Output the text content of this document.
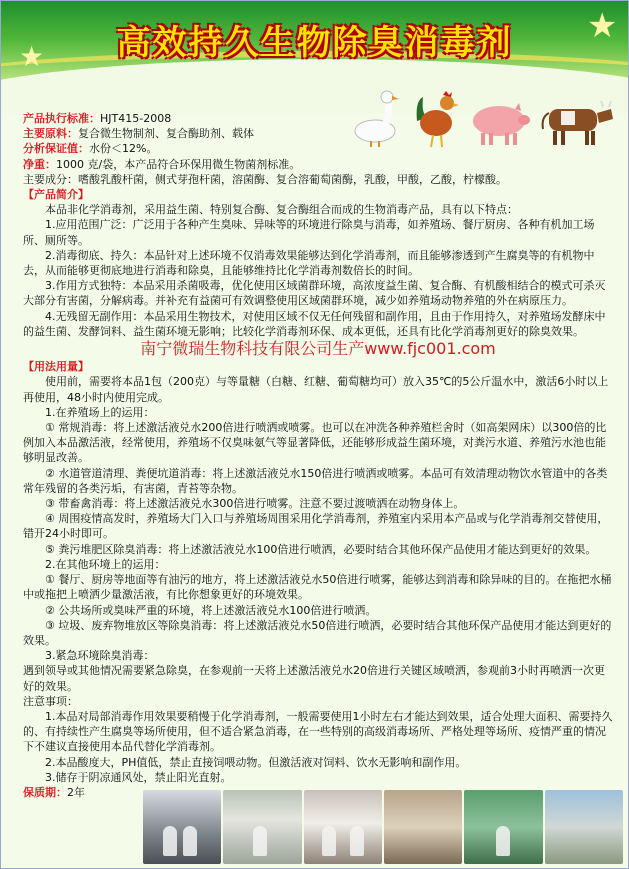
★
★
高效持久生物除臭消毒剂

产品执行标准：HJT415-2008

主要原料：复合微生物制剂、复合酶助剂、载体

分析保证值：水份＜12%。

净重：1000 克/袋，本产品符合环保用微生物菌剂标准。

主要成分：嗜酸乳酸杆菌，侧式芽孢杆菌，溶菌酶、复合溶葡萄菌酶，乳酸，甲酸，乙酸，柠檬酸。

【产品简介】

本品非化学消毒剂，采用益生菌、特别复合酶、复合酶组合而成的生物消毒产品，具有以下特点：

1.应用范围广泛：广泛用于各种产生臭味、异味等的环境进行除臭与消毒，如养殖场、餐厅厨房、各种有机加工场所、厕所等。

2.消毒彻底、持久：本品针对上述环境不仅消毒效果能够达到化学消毒剂，而且能够渗透到产生腐臭等的有机物中去，从而能够更彻底地进行消毒和除臭，且能够维持比化学消毒剂数倍长的时间。

3.作用方式独特：本品采用杀菌吸毒，优化使用区域菌群环境，高浓度益生菌、复合酶、有机酸相结合的模式可杀灭大部分有害菌，分解病毒。并补充有益菌可有效调整使用区域菌群环境，减少如养殖场动物养殖的外在病原压力。

4.无残留无副作用：本品采用生物技术，对使用区域不仅无任何残留和副作用，且由于作用持久，对养殖场发酵床中的益生菌、发酵饲料、益生菌环境无影响；比较化学消毒剂环保、成本更低，还具有比化学消毒剂更好的除臭效果。

南宁微瑞生物科技有限公司生产www.fjc001.com

【用法用量】

使用前，需要将本品1包（200克）与等量糖（白糖、红糖、葡萄糖均可）放入35℃的5公斤温水中，激活6小时以上再使用，48小时内使用完成。

1.在养殖场上的运用：

① 常规消毒：将上述激活液兑水200倍进行喷洒或喷雾。也可以在冲洗各种养殖栏舍时（如高架网床）以300倍的比例加入本品激活液，经常使用，养殖场不仅臭味氨气等显著降低，还能够形成益生菌环境，对粪污水道、养殖污水池也能够明显改善。

② 水道管道清理、粪便坑道消毒：将上述激活液兑水150倍进行喷洒或喷雾。本品可有效清理动物饮水管道中的各类常年残留的各类污垢，有害菌，青苔等杂物。

③ 带畜禽消毒：将上述激活液兑水300倍进行喷雾。注意不要过渡喷洒在动物身体上。

④ 周围疫情高发时，养殖场大门入口与养殖场周围采用化学消毒剂，养殖室内采用本产品或与化学消毒剂交替使用，错开24小时即可。

⑤ 粪污堆肥区除臭消毒：将上述激活液兑水100倍进行喷洒，必要时结合其他环保产品使用才能达到更好的效果。

2.在其他环境上的运用：

① 餐厅、厨房等地面等有油污的地方，将上述激活液兑水50倍进行喷雾，能够达到消毒和除异味的目的。在拖把水桶中或拖把上喷洒少量激活液，有比你想象更好的环境效果。

② 公共场所或臭味严重的环境，将上述激活液兑水100倍进行喷洒。

③ 垃圾、废弃物堆放区等除臭消毒：将上述激活液兑水50倍进行喷洒，必要时结合其他环保产品使用才能达到更好的效果。

3.紧急环境除臭消毒：

遇到领导或其他情况需要紧急除臭，在参观前一天将上述激活液兑水20倍进行关键区域喷洒，参观前3小时再喷洒一次更好的效果。

注意事项：

1.本品对局部消毒作用效果要稍慢于化学消毒剂，一般需要使用1小时左右才能达到效果，适合处理大面积、需要持久的、有持续性产生腐臭等场所使用，但不适合紧急消毒，在一些特别的高级消毒场所、严格处理等场所、疫情严重的情况下不建议直接使用本品代替化学消毒剂。

2.本品酸度大，PH值低，禁止直接饲喂动物。但激活液对饲料、饮水无影响和副作用。

3.储存于阴凉通风处，禁止阳光直射。

保质期：2年
